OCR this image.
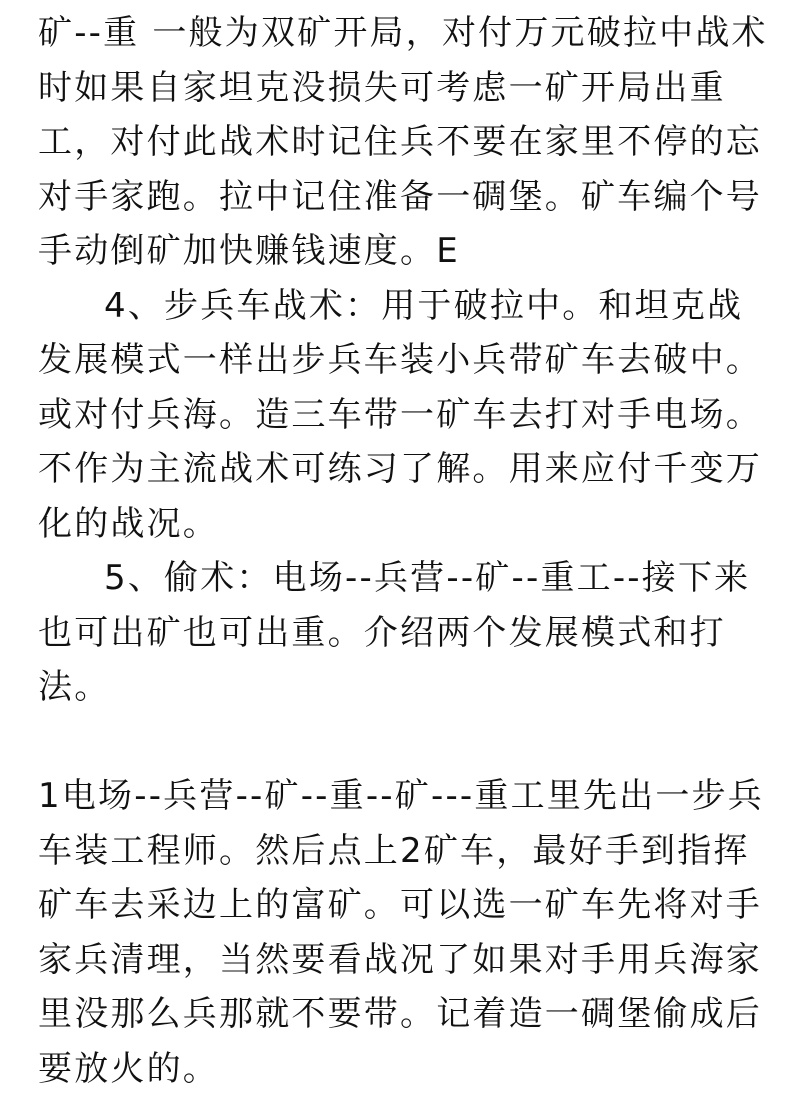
矿--重 一般为双矿开局，对付万元破拉中战术时如果自家坦克没损失可考虑一矿开局出重工，对付此战术时记住兵不要在家里不停的忘对手家跑。拉中记住准备一碉堡。矿车编个号手动倒矿加快赚钱速度。E

4、步兵车战术：用于破拉中。和坦克战发展模式一样出步兵车装小兵带矿车去破中。或对付兵海。造三车带一矿车去打对手电场。不作为主流战术可练习了解。用来应付千变万化的战况。

5、偷术：电场--兵营--矿--重工--接下来也可出矿也可出重。介绍两个发展模式和打法。

1电场--兵营--矿--重--矿---重工里先出一步兵车装工程师。然后点上2矿车，最好手到指挥矿车去采边上的富矿。可以选一矿车先将对手家兵清理，当然要看战况了如果对手用兵海家里没那么兵那就不要带。记着造一碉堡偷成后要放火的。
